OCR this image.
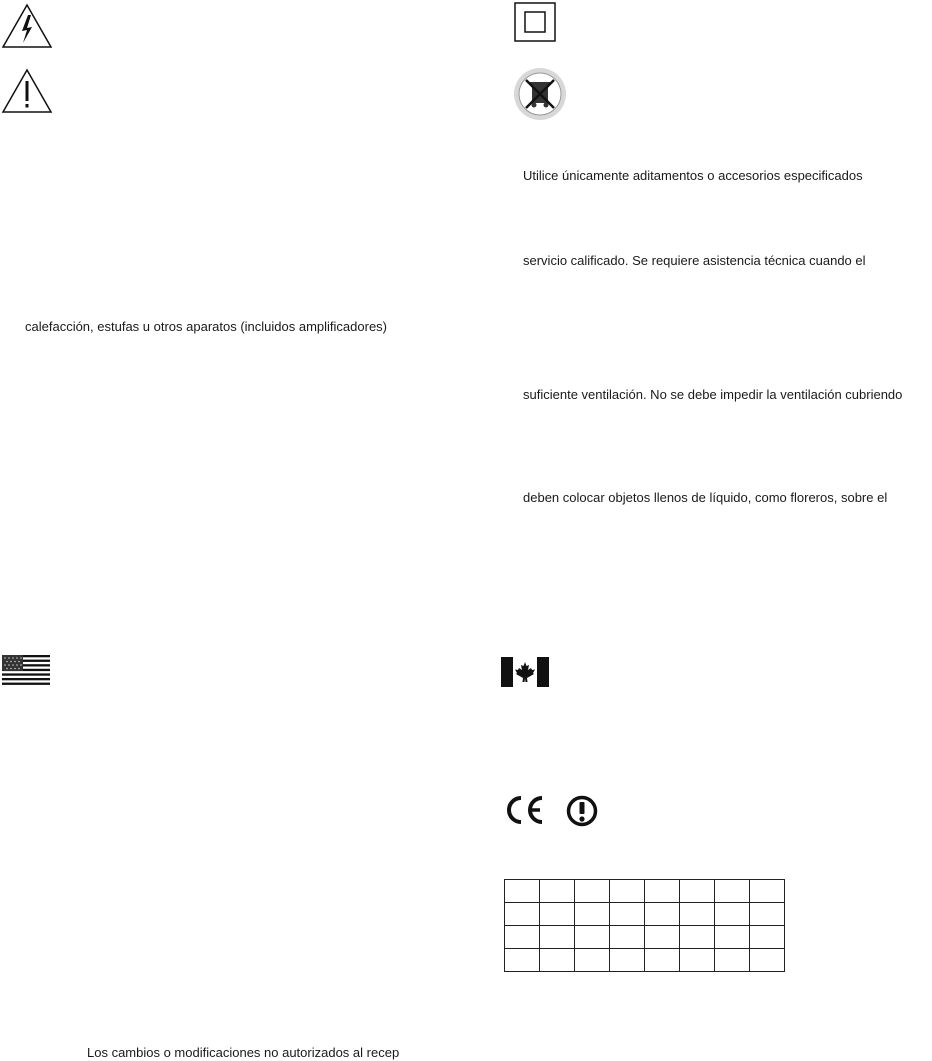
calefacción, estufas u otros aparatos (incluidos amplificadores)
Los cambios o modificaciones no autorizados al recep
Utilice únicamente aditamentos o accesorios especificados
servicio calificado. Se requiere asistencia técnica cuando el
suficiente ventilación. No se debe impedir la ventilación cubriendo
deben colocar objetos llenos de líquido, como floreros, sobre el
